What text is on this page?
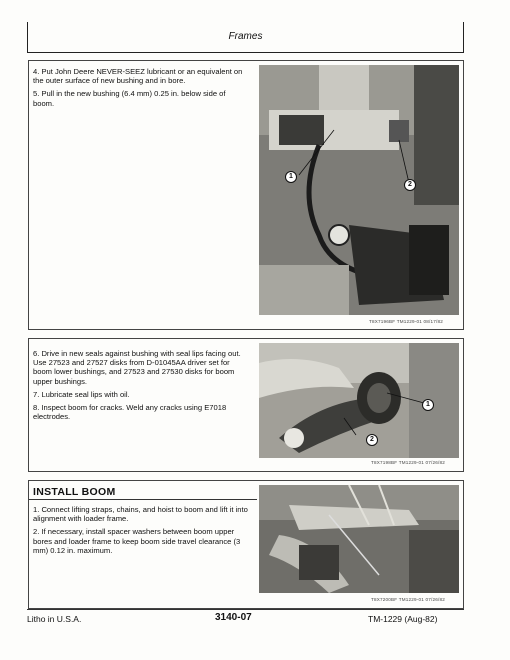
Frames

4. Put John Deere NEVER-SEEZ lubricant or an equivalent on the outer surface of new bushing and in bore.

5. Pull in the new bushing (6.4 mm) 0.25 in. below side of boom.

1
2
T8X7196BF TM1229-01 08/17/82

6. Drive in new seals against bushing with seal lips facing out. Use 27523 and 27527 disks from D-01045AA driver set for boom lower bushings, and 27523 and 27530 disks for boom upper bushings.

7. Lubricate seal lips with oil.

8. Inspect boom for cracks. Weld any cracks using E7018 electrodes.

1
2
T8X7198BF TM1229-01 07/26/82
INSTALL BOOM

1. Connect lifting straps, chains, and hoist to boom and lift it into alignment with loader frame.

2. If necessary, install spacer washers between boom upper bores and loader frame to keep boom side travel clearance (3 mm) 0.12 in. maximum.

T8X7200BF TM1229-01 07/26/82
Litho in U.S.A.	3140-07	TM-1229 (Aug-82)
